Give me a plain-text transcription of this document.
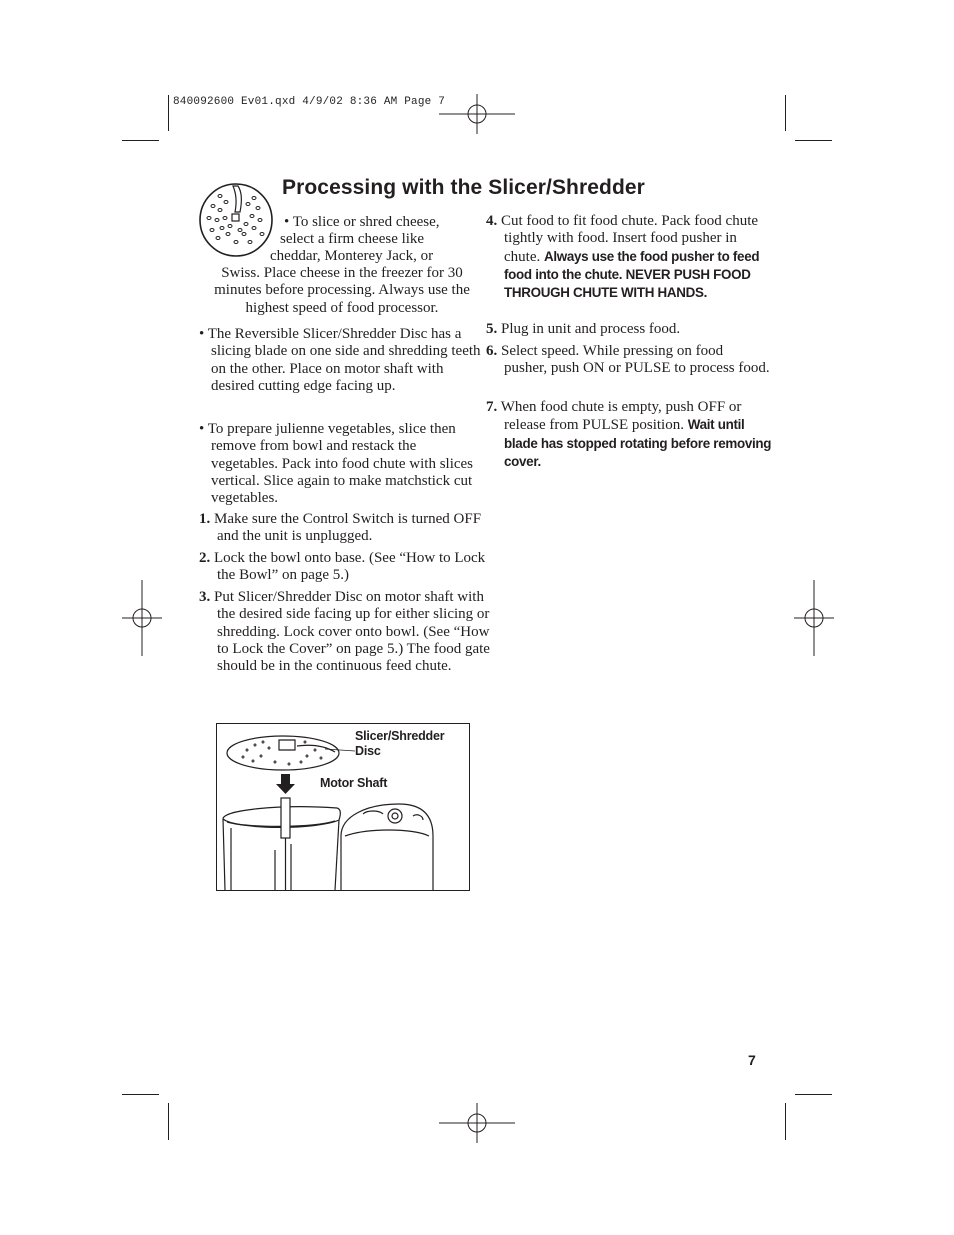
840092600 Ev01.qxd 4/9/02 8:36 AM Page 7
Processing with the Slicer/Shredder
• To slice or shred cheese,
select a firm cheese like
cheddar, Monterey Jack, or
Swiss. Place cheese in the freezer for 30 minutes before processing. Always use the highest speed of food processor.
• The Reversible Slicer/Shredder Disc has a slicing blade on one side and shredding teeth on the other. Place on motor shaft with desired cutting edge facing up.
• To prepare julienne vegetables, slice then remove from bowl and restack the vegetables. Pack into food chute with slices vertical. Slice again to make matchstick cut vegetables.
1. Make sure the Control Switch is turned OFF and the unit is unplugged.
2. Lock the bowl onto base. (See “How to Lock the Bowl” on page 5.)
3. Put Slicer/Shredder Disc on motor shaft with the desired side facing up for either slicing or shredding. Lock cover onto bowl. (See “How to Lock the Cover” on page 5.) The food gate should be in the continuous feed chute.
4. Cut food to fit food chute. Pack food chute tightly with food. Insert food pusher in chute. Always use the food pusher to feed food into the chute. NEVER PUSH FOOD THROUGH CHUTE WITH HANDS.
5. Plug in unit and process food.
6. Select speed. While pressing on food pusher, push ON or PULSE to process food.
7. When food chute is empty, push OFF or release from PULSE position. Wait until blade has stopped rotating before removing cover.
Slicer/Shredder Disc
Motor Shaft
7
